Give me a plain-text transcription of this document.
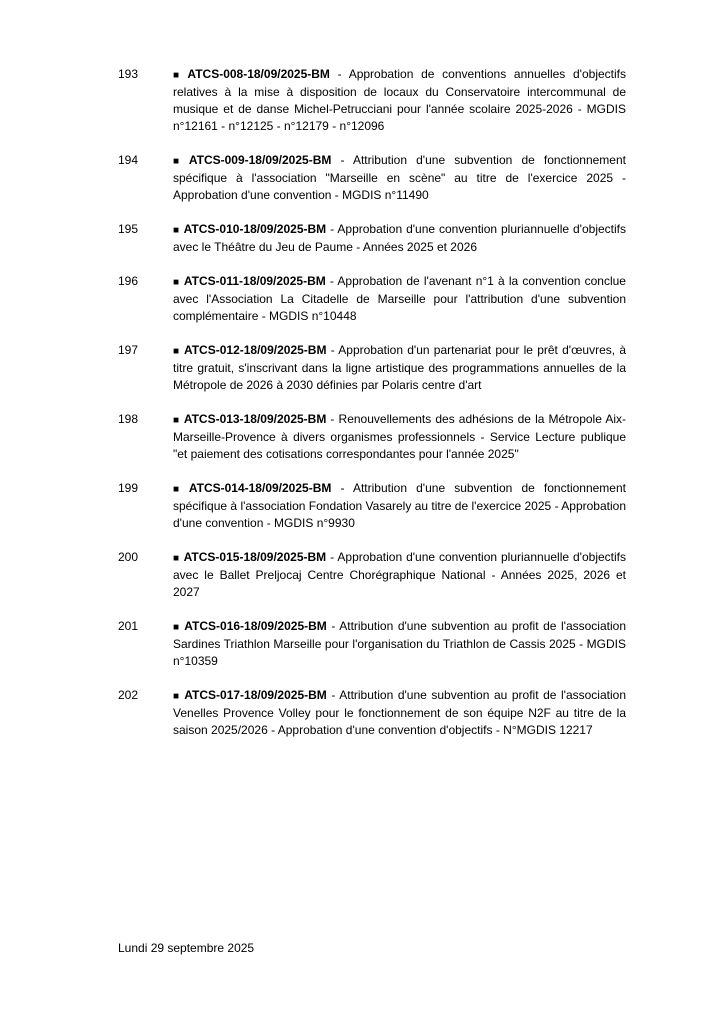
193	■ ATCS-008-18/09/2025-BM - Approbation de conventions annuelles d'objectifs relatives à la mise à disposition de locaux du Conservatoire intercommunal de musique et de danse Michel-Petrucciani pour l'année scolaire 2025-2026 - MGDIS n°12161 - n°12125 - n°12179 - n°12096
194	■ ATCS-009-18/09/2025-BM - Attribution d'une subvention de fonctionnement spécifique à l'association "Marseille en scène" au titre de l'exercice 2025 - Approbation d'une convention - MGDIS n°11490
195	■ ATCS-010-18/09/2025-BM - Approbation d'une convention pluriannuelle d'objectifs avec le Théâtre du Jeu de Paume - Années 2025 et 2026
196	■ ATCS-011-18/09/2025-BM - Approbation de l'avenant n°1 à la convention conclue avec l'Association La Citadelle de Marseille pour l'attribution d'une subvention complémentaire - MGDIS n°10448
197	■ ATCS-012-18/09/2025-BM - Approbation d'un partenariat pour le prêt d'œuvres, à titre gratuit, s'inscrivant dans la ligne artistique des programmations annuelles de la Métropole de 2026 à 2030 définies par Polaris centre d'art
198	■ ATCS-013-18/09/2025-BM - Renouvellements des adhésions de la Métropole Aix-Marseille-Provence à divers organismes professionnels - Service Lecture publique "et paiement des cotisations correspondantes pour l'année 2025"
199	■ ATCS-014-18/09/2025-BM - Attribution d'une subvention de fonctionnement spécifique à l'association Fondation Vasarely au titre de l'exercice 2025 - Approbation d'une convention - MGDIS n°9930
200	■ ATCS-015-18/09/2025-BM - Approbation d'une convention pluriannuelle d'objectifs avec le Ballet Preljocaj Centre Chorégraphique National - Années 2025, 2026 et 2027
201	■ ATCS-016-18/09/2025-BM - Attribution d'une subvention au profit de l'association Sardines Triathlon Marseille pour l'organisation du Triathlon de Cassis 2025 - MGDIS n°10359
202	■ ATCS-017-18/09/2025-BM - Attribution d'une subvention au profit de l'association Venelles Provence Volley pour le fonctionnement de son équipe N2F au titre de la saison 2025/2026 - Approbation d'une convention d'objectifs - N°MGDIS 12217
Lundi 29 septembre 2025
